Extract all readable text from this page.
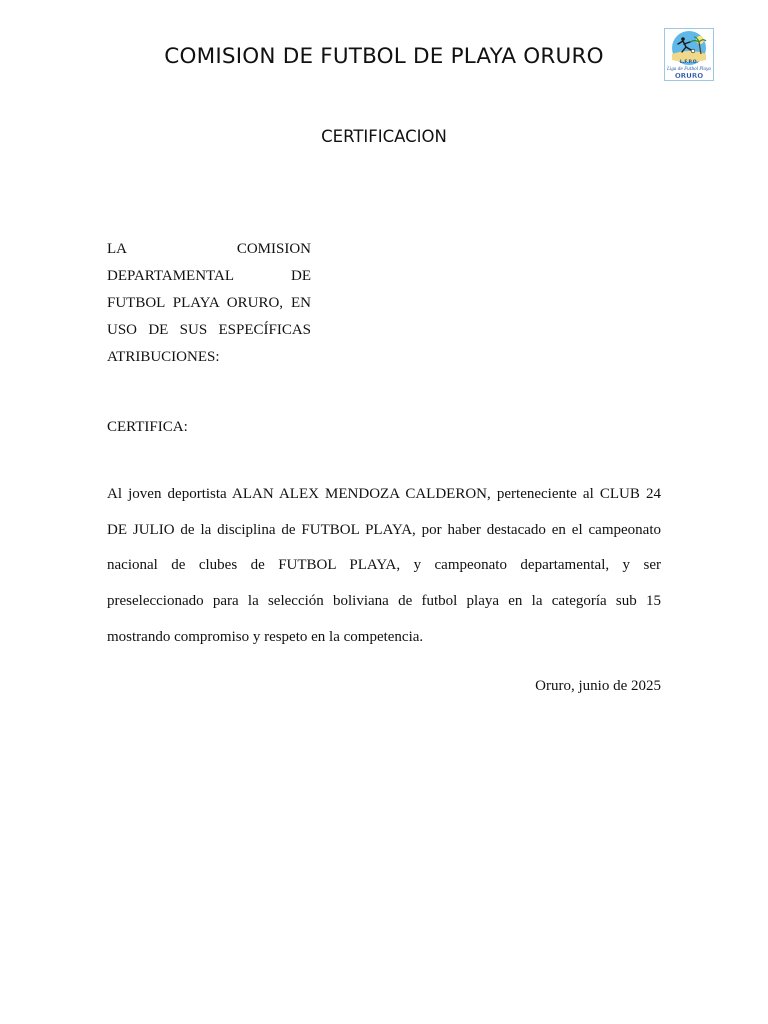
COMISION DE FUTBOL DE PLAYA ORURO	L.F.P.O.
Liga de Futbol Playa
ORURO
CERTIFICACION

LA COMISION DEPARTAMENTAL DE FUTBOL PLAYA ORURO, EN USO DE SUS ESPECÍFICAS ATRIBUCIONES:

CERTIFICA:

Al joven deportista ALAN ALEX MENDOZA CALDERON, perteneciente al CLUB 24 DE JULIO de la disciplina de FUTBOL PLAYA, por haber destacado en el campeonato nacional de clubes de FUTBOL PLAYA, y campeonato departamental, y ser preseleccionado para la selección boliviana de futbol playa en la categoría sub 15 mostrando compromiso y respeto en la competencia.

Oruro, junio de 2025
